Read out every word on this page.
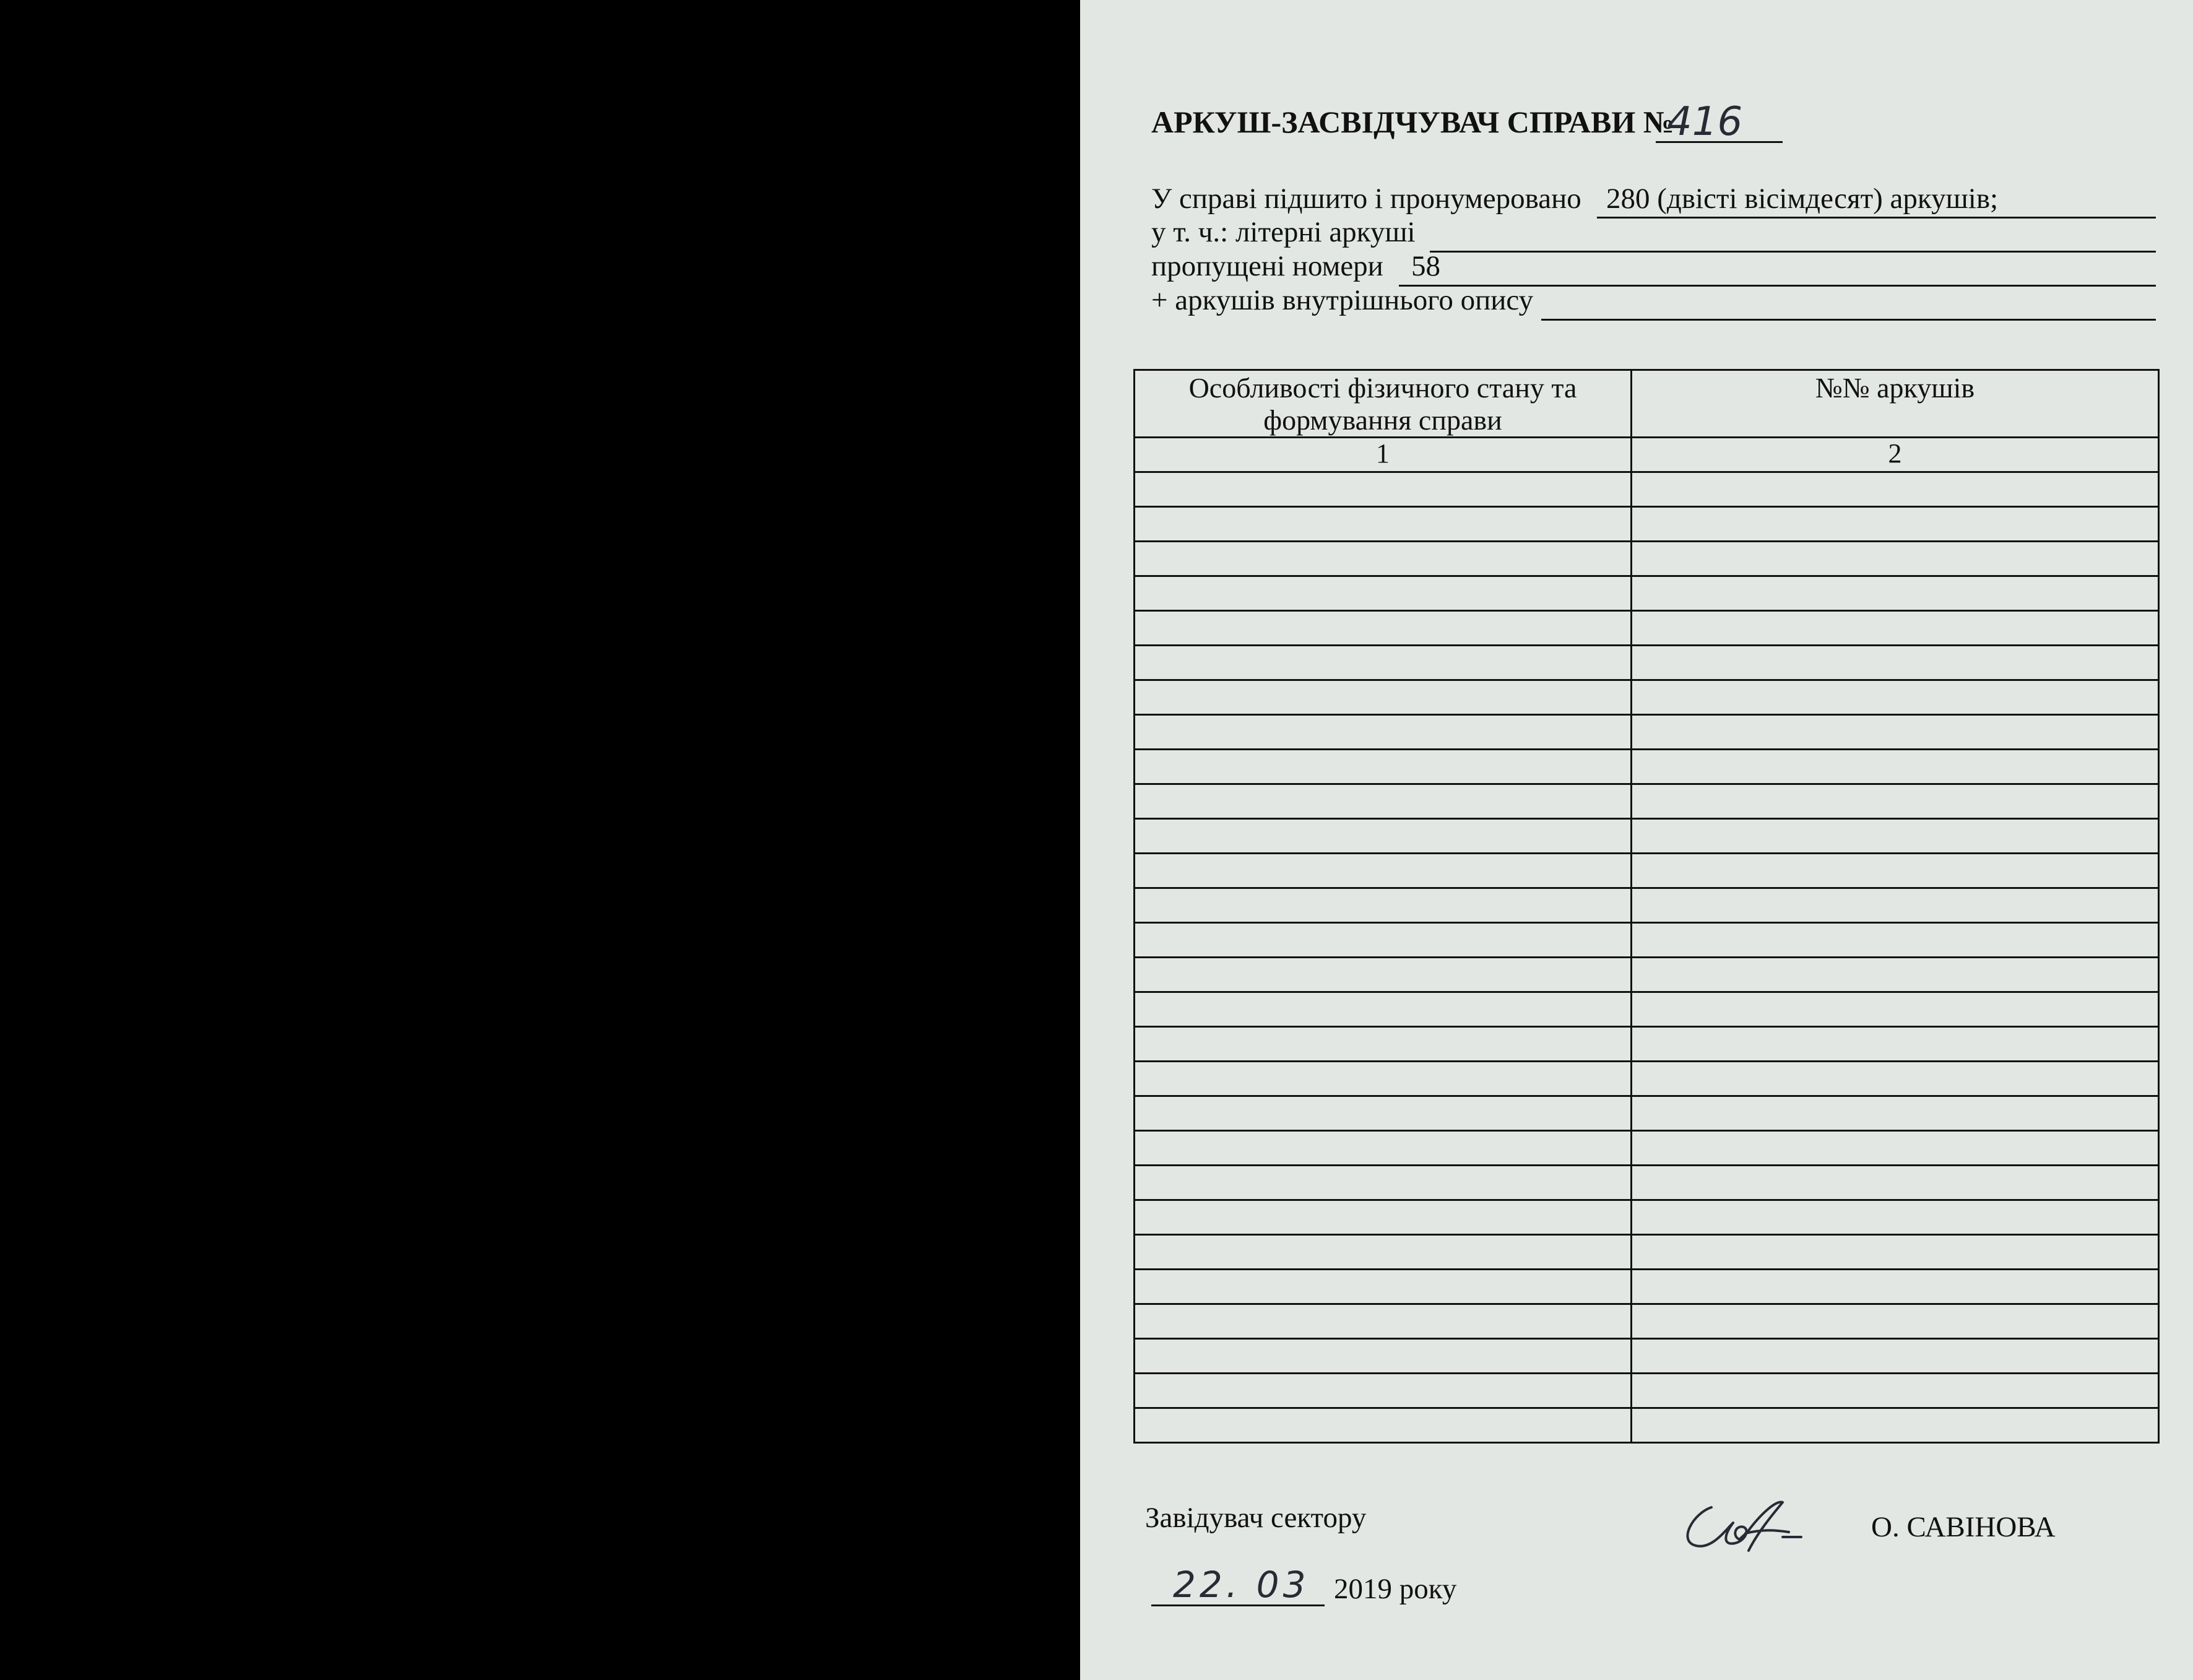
АРКУШ-ЗАСВІДЧУВАЧ СПРАВИ №
416
У справі підшито і пронумеровано 280 (двісті вісімдесят) аркушів;
у т. ч.: літерні аркуші
пропущені номери 58
+ аркушів внутрішнього опису
Особливості фізичного стану та формування справи	№№ аркушів
1	2

Завідувач сектору	О. САВІНОВА
22. 03 2019 року
